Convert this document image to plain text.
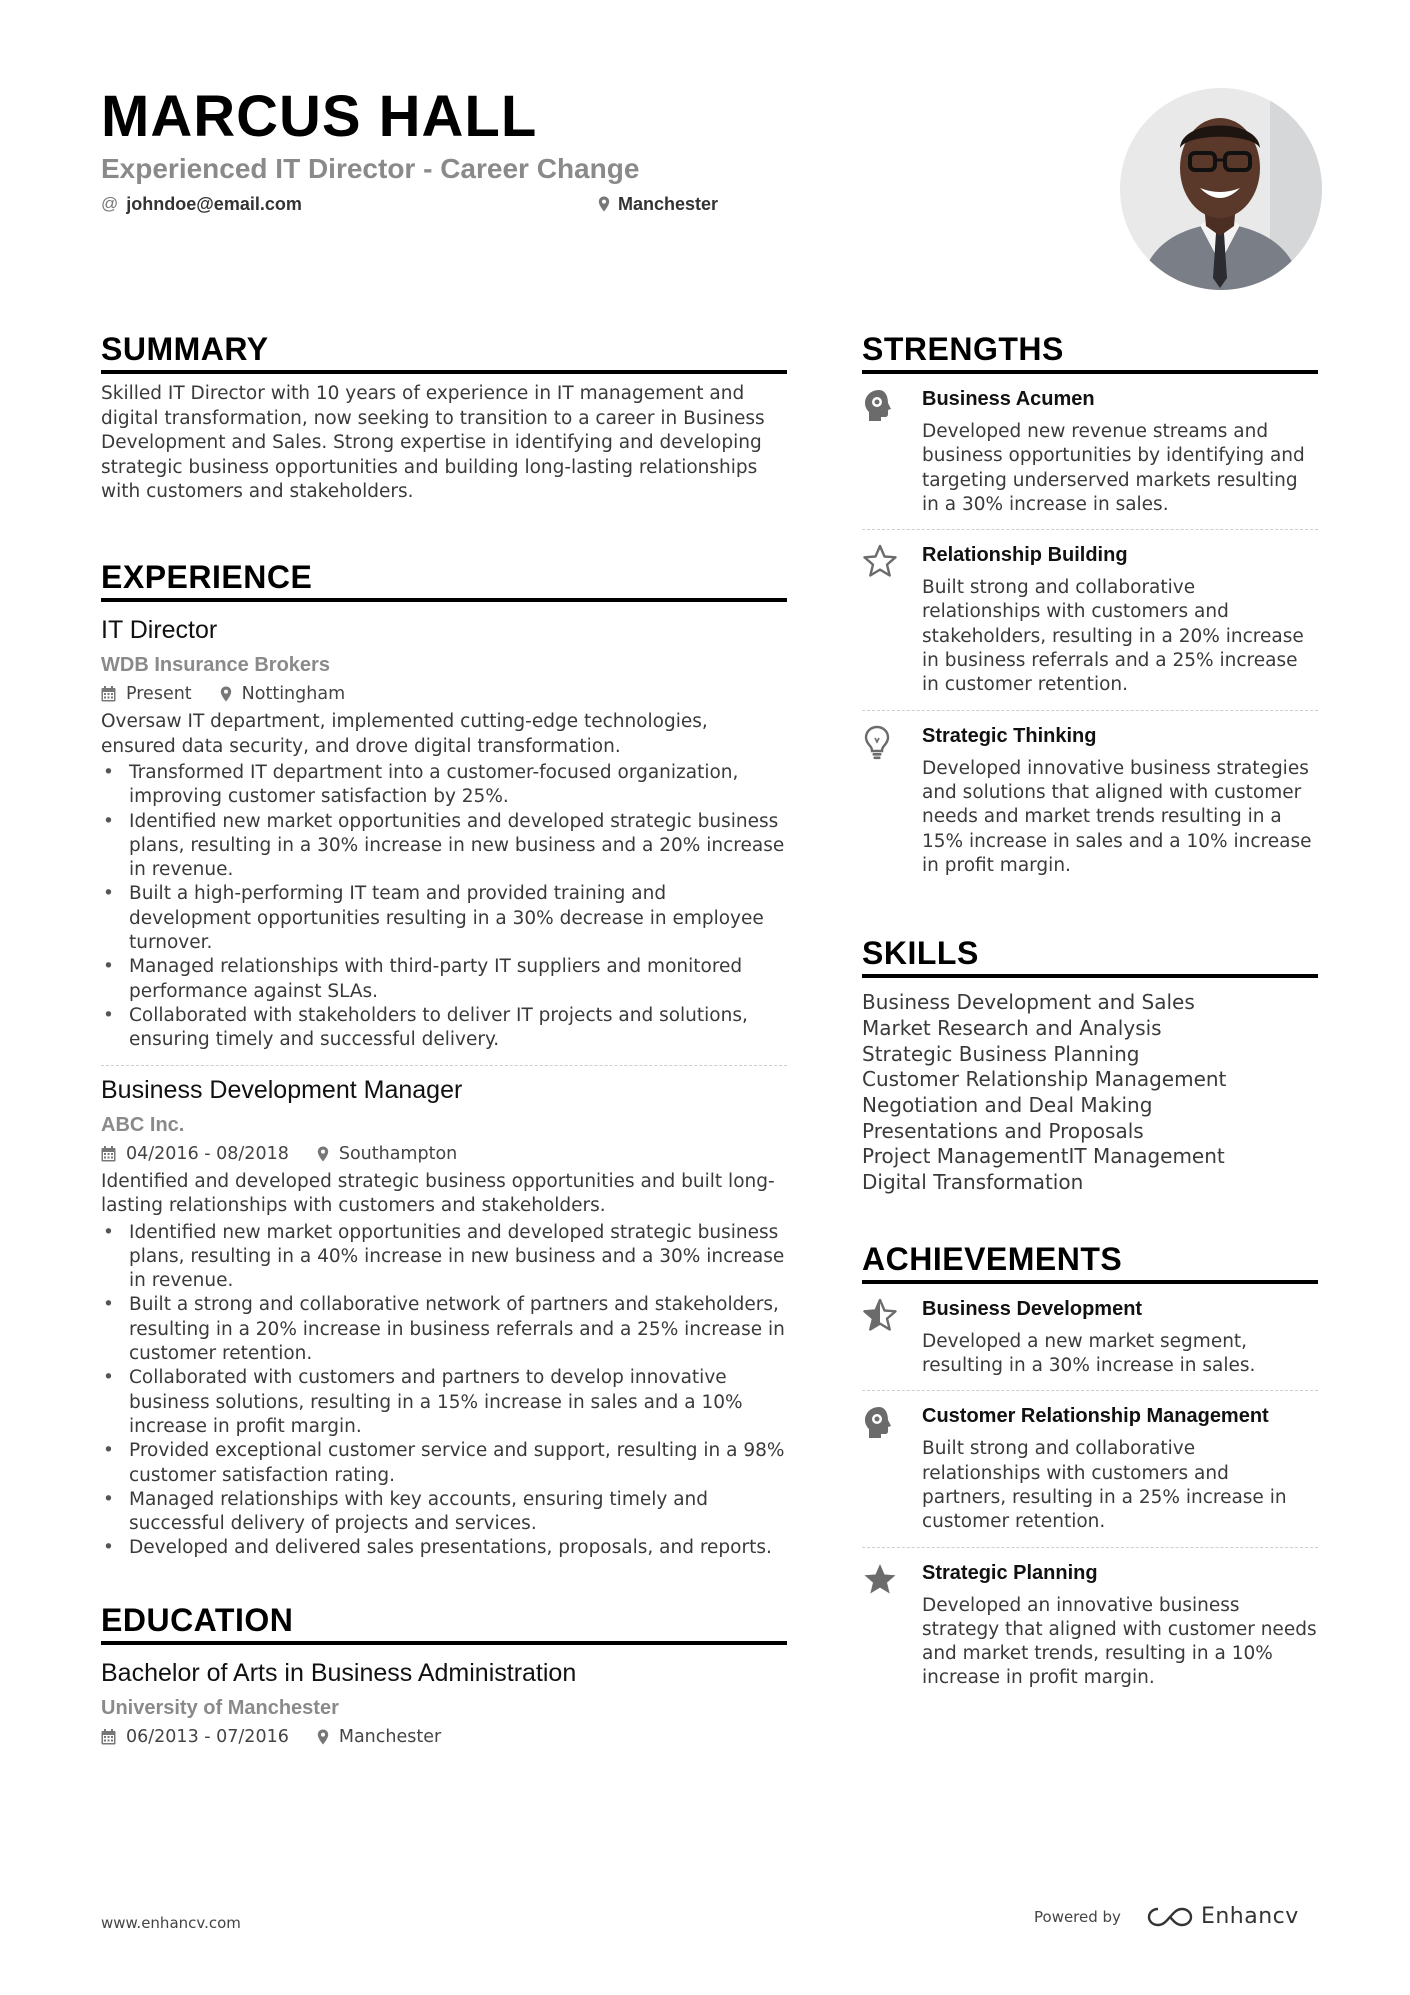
MARCUS HALL
Experienced IT Director - Career Change
@ johndoe@email.com	Manchester
SUMMARY

Skilled IT Director with 10 years of experience in IT management and digital transformation, now seeking to transition to a career in Business Development and Sales. Strong expertise in identifying and developing strategic business opportunities and building long-lasting relationships with customers and stakeholders.

EXPERIENCE
IT Director
WDB Insurance Brokers
Present	Nottingham

Oversaw IT department, implemented cutting-edge technologies, ensured data security, and drove digital transformation.

• Transformed IT department into a customer-focused organization, improving customer satisfaction by 25%.
• Identified new market opportunities and developed strategic business plans, resulting in a 30% increase in new business and a 20% increase in revenue.
• Built a high-performing IT team and provided training and development opportunities resulting in a 30% decrease in employee turnover.
• Managed relationships with third-party IT suppliers and monitored performance against SLAs.
• Collaborated with stakeholders to deliver IT projects and solutions, ensuring timely and successful delivery.
Business Development Manager
ABC Inc.
04/2016 - 08/2018	Southampton

Identified and developed strategic business opportunities and built long-lasting relationships with customers and stakeholders.

• Identified new market opportunities and developed strategic business plans, resulting in a 40% increase in new business and a 30% increase in revenue.
• Built a strong and collaborative network of partners and stakeholders, resulting in a 20% increase in business referrals and a 25% increase in customer retention.
• Collaborated with customers and partners to develop innovative business solutions, resulting in a 15% increase in sales and a 10% increase in profit margin.
• Provided exceptional customer service and support, resulting in a 98% customer satisfaction rating.
• Managed relationships with key accounts, ensuring timely and successful delivery of projects and services.
• Developed and delivered sales presentations, proposals, and reports.
EDUCATION
Bachelor of Arts in Business Administration
University of Manchester
06/2013 - 07/2016	Manchester
STRENGTHS
Business Acumen
Developed new revenue streams and business opportunities by identifying and targeting underserved markets resulting in a 30% increase in sales.
Relationship Building
Built strong and collaborative relationships with customers and stakeholders, resulting in a 20% increase in business referrals and a 25% increase in customer retention.
Strategic Thinking
Developed innovative business strategies and solutions that aligned with customer needs and market trends resulting in a 15% increase in sales and a 10% increase in profit margin.
SKILLS
Business Development and Sales
Market Research and Analysis
Strategic Business Planning
Customer Relationship Management
Negotiation and Deal Making
Presentations and Proposals
Project ManagementIT Management
Digital Transformation
ACHIEVEMENTS
Business Development
Developed a new market segment, resulting in a 30% increase in sales.
Customer Relationship Management
Built strong and collaborative relationships with customers and partners, resulting in a 25% increase in customer retention.
Strategic Planning
Developed an innovative business strategy that aligned with customer needs and market trends, resulting in a 10% increase in profit margin.
www.enhancv.com	Powered by	Enhancv
